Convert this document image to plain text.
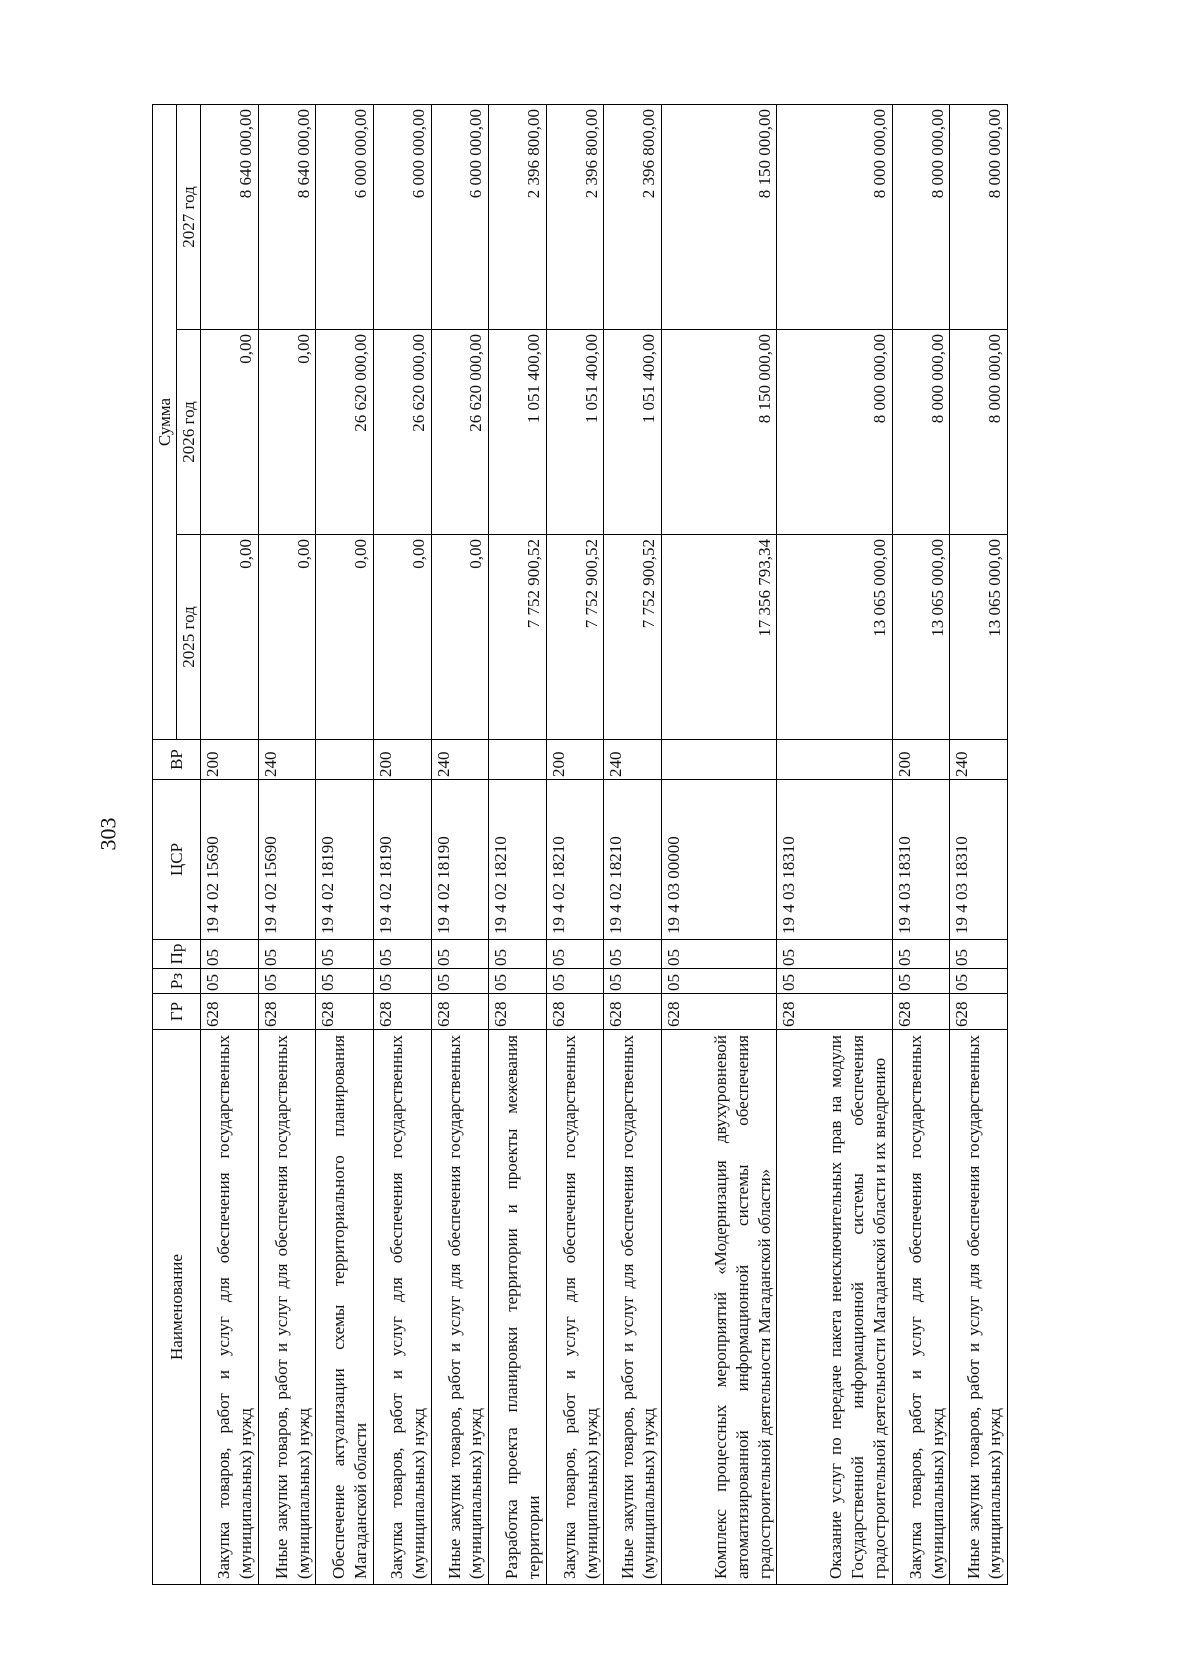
303
Наименование	ГР	Рз	Пр	ЦСР	ВР	Сумма		
						2025 год	2026 год	2027 год
Закупка товаров, работ и услуг для обеспечения государственных (муниципальных) нужд	628	05	05	19 4 02 15690	200	0,00	0,00	8 640 000,00
Иные закупки товаров, работ и услуг для обеспечения государственных (муниципальных) нужд	628	05	05	19 4 02 15690	240	0,00	0,00	8 640 000,00
Обеспечение актуализации схемы территориального планирования Магаданской области	628	05	05	19 4 02 18190		0,00	26 620 000,00	6 000 000,00
Закупка товаров, работ и услуг для обеспечения государственных (муниципальных) нужд	628	05	05	19 4 02 18190	200	0,00	26 620 000,00	6 000 000,00
Иные закупки товаров, работ и услуг для обеспечения государственных (муниципальных) нужд	628	05	05	19 4 02 18190	240	0,00	26 620 000,00	6 000 000,00
Разработка проекта планировки территории и проекты межевания территории	628	05	05	19 4 02 18210		7 752 900,52	1 051 400,00	2 396 800,00
Закупка товаров, работ и услуг для обеспечения государственных (муниципальных) нужд	628	05	05	19 4 02 18210	200	7 752 900,52	1 051 400,00	2 396 800,00
Иные закупки товаров, работ и услуг для обеспечения государственных (муниципальных) нужд	628	05	05	19 4 02 18210	240	7 752 900,52	1 051 400,00	2 396 800,00
Комплекс процессных мероприятий «Модернизация двухуровневой автоматизированной информационной системы обеспечения градостроительной деятельности Магаданской области»	628	05	05	19 4 03 00000		17 356 793,34	8 150 000,00	8 150 000,00
Оказание услуг по передаче пакета неисключительных прав на модули Государственной информационной системы обеспечения градостроительной деятельности Магаданской области и их внедрению	628	05	05	19 4 03 18310		13 065 000,00	8 000 000,00	8 000 000,00
Закупка товаров, работ и услуг для обеспечения государственных (муниципальных) нужд	628	05	05	19 4 03 18310	200	13 065 000,00	8 000 000,00	8 000 000,00
Иные закупки товаров, работ и услуг для обеспечения государственных (муниципальных) нужд	628	05	05	19 4 03 18310	240	13 065 000,00	8 000 000,00	8 000 000,00
